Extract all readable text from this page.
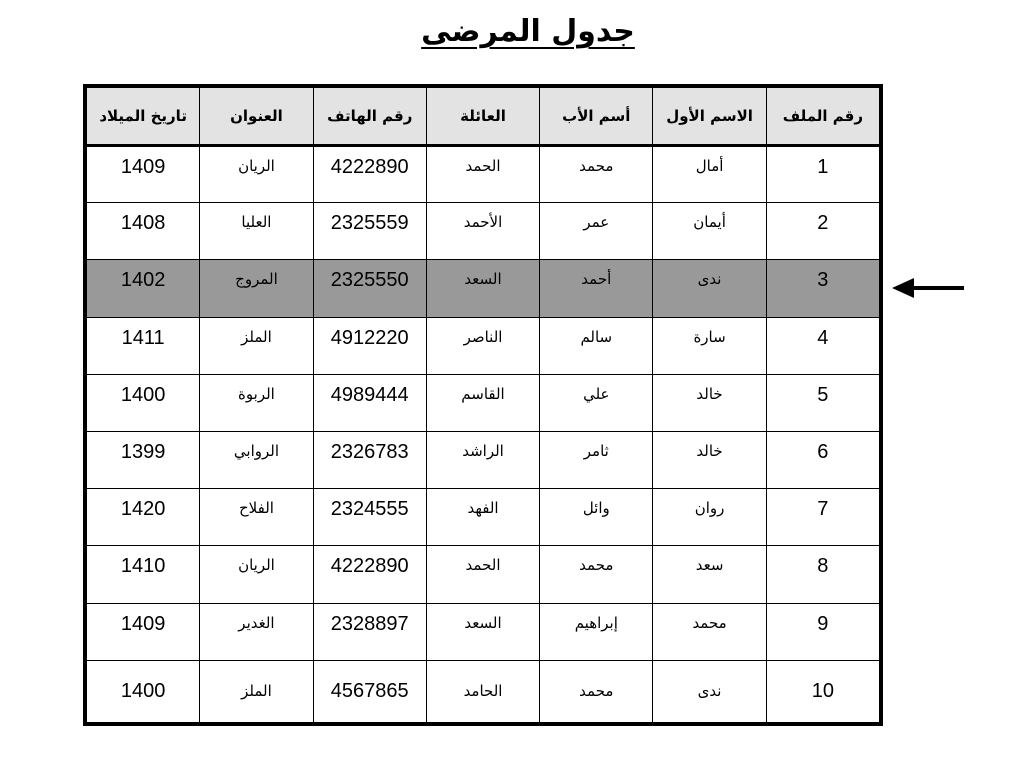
جدول المرضى
رقم الملف	الاسم الأول	أسم الأب	العائلة	رقم الهاتف	العنوان	تاريخ الميلاد
1	أمال	محمد	الحمد	4222890	الريان	1409
2	أيمان	عمر	الأحمد	2325559	العليا	1408
3	ندى	أحمد	السعد	2325550	المروج	1402
4	سارة	سالم	الناصر	4912220	الملز	1411
5	خالد	علي	القاسم	4989444	الربوة	1400
6	خالد	ثامر	الراشد	2326783	الروابي	1399
7	روان	وائل	الفهد	2324555	الفلاح	1420
8	سعد	محمد	الحمد	4222890	الريان	1410
9	محمد	إبراهيم	السعد	2328897	الغدير	1409
10	ندى	محمد	الحامد	4567865	الملز	1400
